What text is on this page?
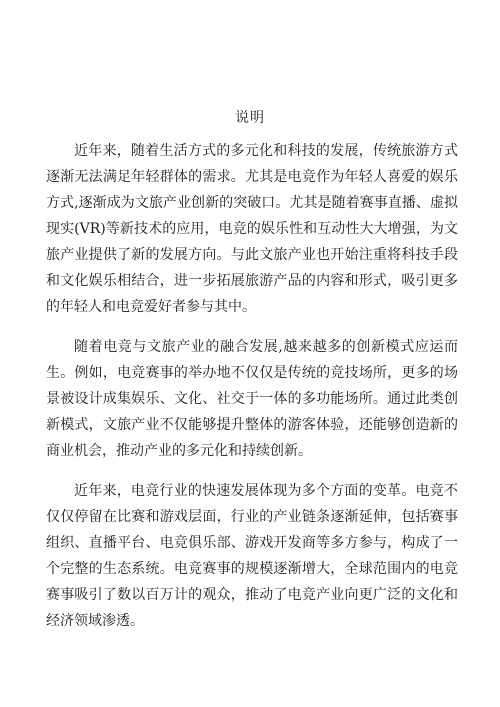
说明

近年来，随着生活方式的多元化和科技的发展，传统旅游方式逐渐无法满足年轻群体的需求。尤其是电竞作为年轻人喜爱的娱乐方式,逐渐成为文旅产业创新的突破口。尤其是随着赛事直播、虚拟现实(VR)等新技术的应用，电竞的娱乐性和互动性大大增强，为文旅产业提供了新的发展方向。与此文旅产业也开始注重将科技手段和文化娱乐相结合，进一步拓展旅游产品的内容和形式，吸引更多的年轻人和电竞爱好者参与其中。

随着电竞与文旅产业的融合发展,越来越多的创新模式应运而生。例如，电竞赛事的举办地不仅仅是传统的竞技场所，更多的场景被设计成集娱乐、文化、社交于一体的多功能场所。通过此类创新模式，文旅产业不仅能够提升整体的游客体验，还能够创造新的商业机会，推动产业的多元化和持续创新。

近年来，电竞行业的快速发展体现为多个方面的变革。电竞不仅仅停留在比赛和游戏层面，行业的产业链条逐渐延伸，包括赛事组织、直播平台、电竞俱乐部、游戏开发商等多方参与，构成了一个完整的生态系统。电竞赛事的规模逐渐增大，全球范围内的电竞赛事吸引了数以百万计的观众，推动了电竞产业向更广泛的文化和经济领域渗透。
